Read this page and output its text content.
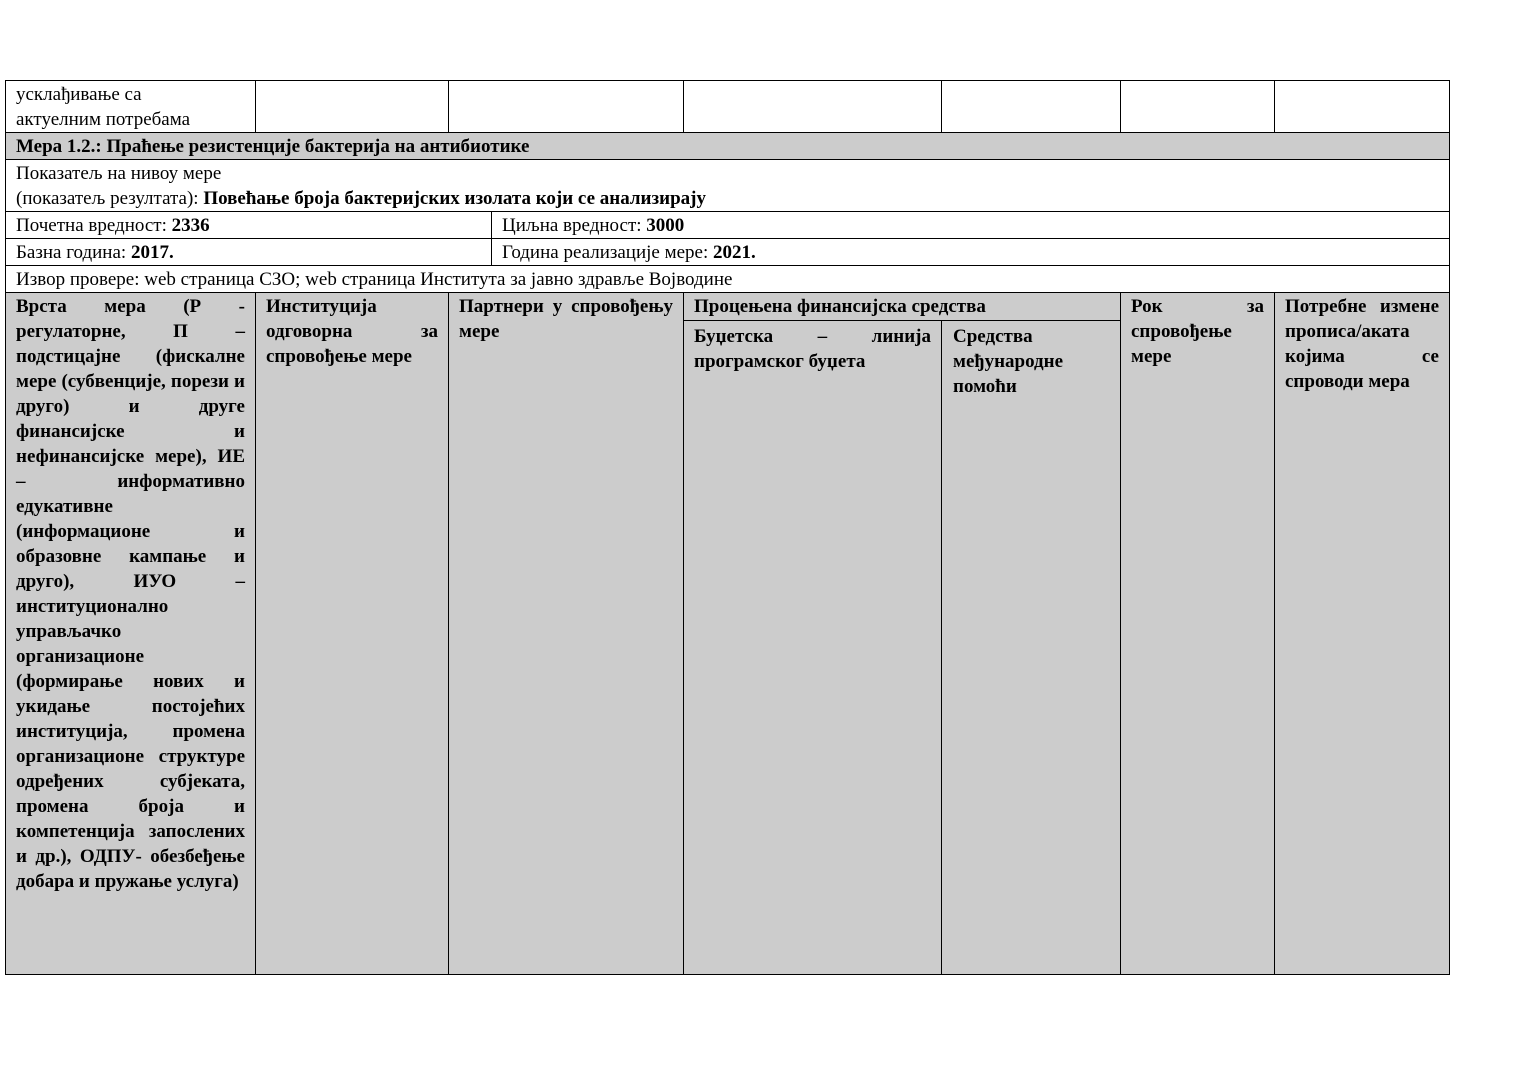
усклађивање са
актуелним потребама							

Мера 1.2.: Праћење резистенције бактерија на антибиотике							

Показатељ на нивоу мере
(показатељ резултата): Повећање броја бактеријских изолата који се анализирају							

Почетна вредност: 2336			Циљна вредност: 3000				
Базна година: 2017.			Година реализације мере: 2021.				
Извор провере: web страница СЗО; web страница Института за јавно здравље Војводине							
Врста мера (Р - регулаторне, П – подстицајне (фискалне мере (субвенције, порези и друго) и друге финансијске и нефинансијске мере), ИЕ – информативно едукативне (информационе и образовне кампање и друго), ИУО – институционално управљачко организационе (формирање нових и укидање постојећих институција, промена организационе структуре одређених субјеката, промена броја и компетенција запослених и др.), ОДПУ- обезбеђење добара и пружање услуга)	Институција одговорна за спровођење мере	Партнери у спровођењу мере		Процењена финансијска средства		Рок за спровођење мере	Потребне измене прописа/аката којима се спроводи мера
				Буџетска – линија програмског буџета	Средства међународне помоћи		
